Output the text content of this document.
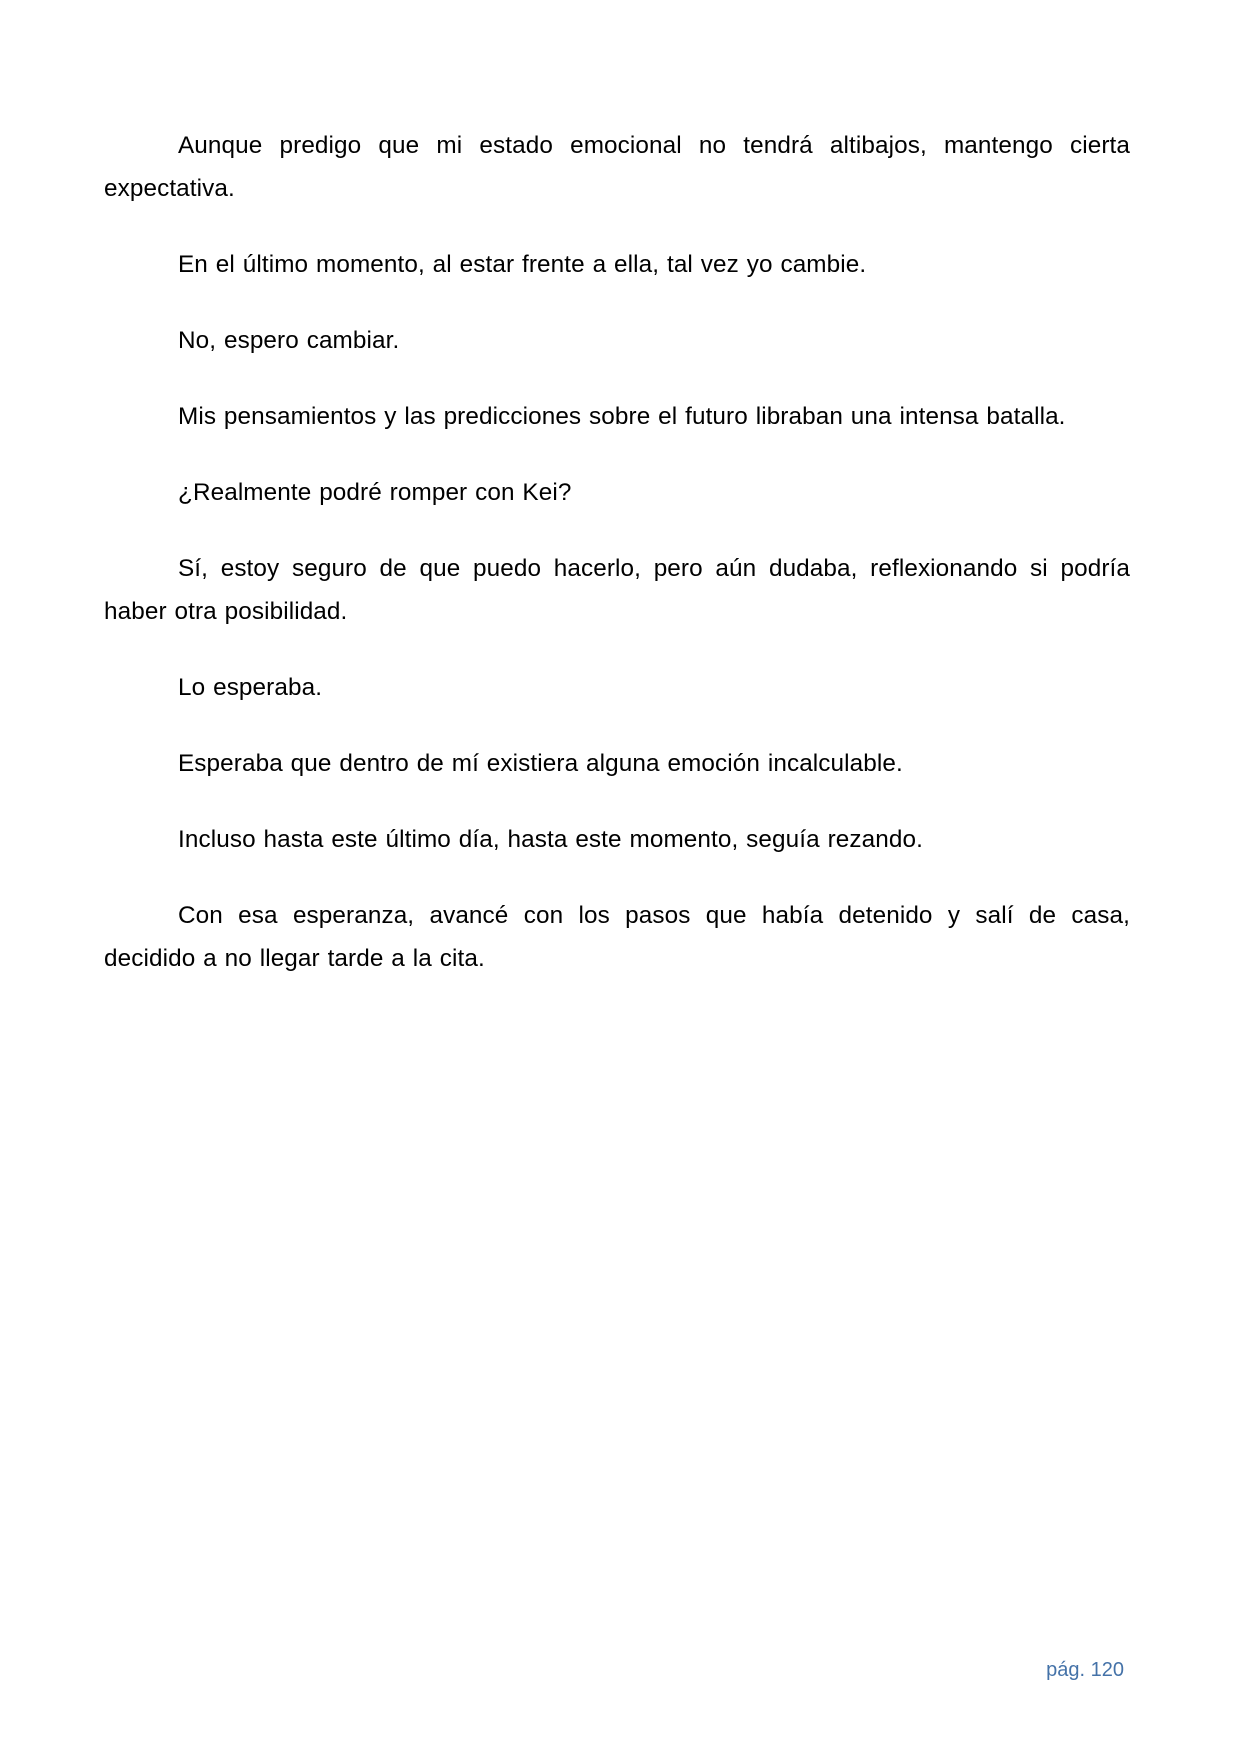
Aunque predigo que mi estado emocional no tendrá altibajos, mantengo cierta expectativa.

En el último momento, al estar frente a ella, tal vez yo cambie.

No, espero cambiar.

Mis pensamientos y las predicciones sobre el futuro libraban una intensa batalla.

¿Realmente podré romper con Kei?

Sí, estoy seguro de que puedo hacerlo, pero aún dudaba, reflexionando si podría haber otra posibilidad.

Lo esperaba.

Esperaba que dentro de mí existiera alguna emoción incalculable.

Incluso hasta este último día, hasta este momento, seguía rezando.

Con esa esperanza, avancé con los pasos que había detenido y salí de casa, decidido a no llegar tarde a la cita.

pág. 120
